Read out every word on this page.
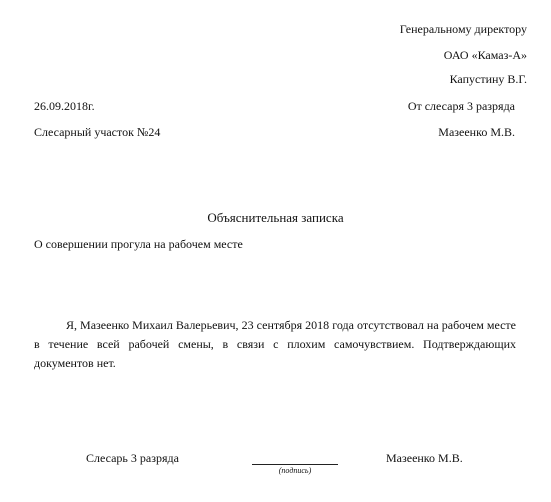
Генеральному директору
ОАО «Камаз-А»
Капустину В.Г.
26.09.2018г.	От слесаря 3 разряда
Слесарный участок №24	Мазеенко М.В.
Объяснительная записка
О совершении прогула на рабочем месте
Я, Мазеенко Михаил Валерьевич, 23 сентября 2018 года отсутствовал на рабочем месте в течение всей рабочей смены, в связи с плохим самочувствием. Подтверждающих документов нет.
Слесарь 3 разряда
(подпись)
Мазеенко М.В.
